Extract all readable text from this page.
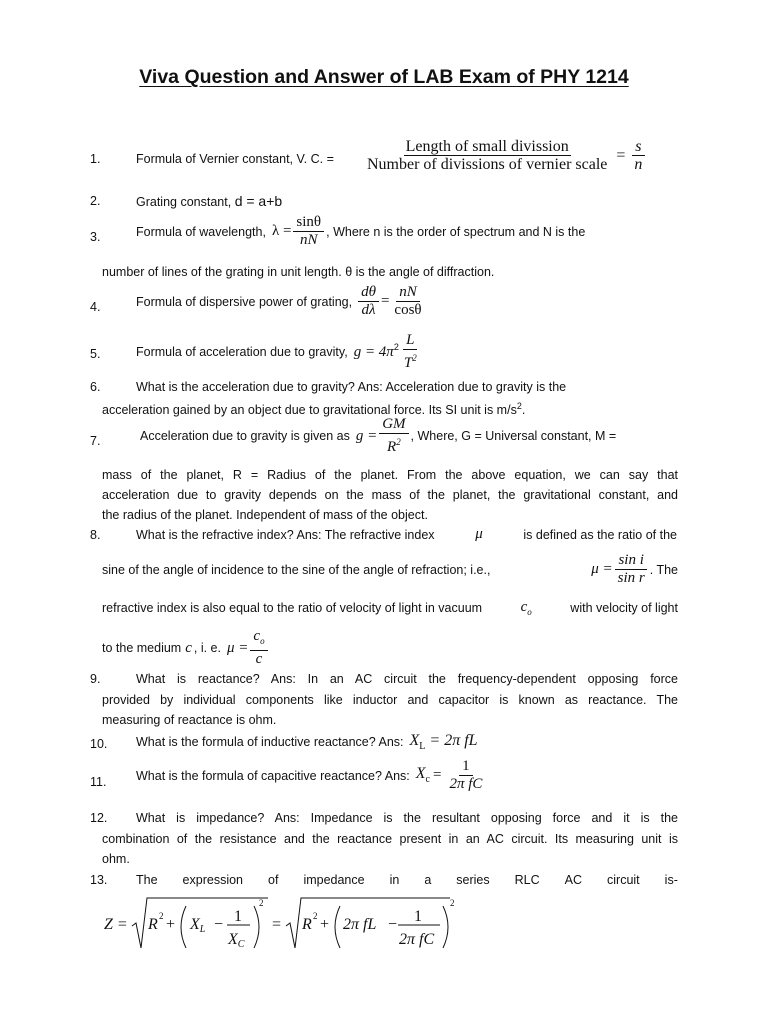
Viva Question and Answer of LAB Exam of PHY 1214
1.	Formula of Vernier constant, V. C. = $\frac{\text{Length of small divission}}{\text{Number of divissions of vernier scale}} = \frac{s}{n}$
2.	Grating constant, d = a+b
3.	Formula of wavelength, $\lambda = \frac{\sin\theta}{nN}$ , Where n is the order of spectrum and N is the
number of lines of the grating in unit length. θ is the angle of diffraction.
4.	Formula of dispersive power of grating, $\frac{d\theta}{d\lambda} = \frac{nN}{\cos\theta}$
5.	Formula of acceleration due to gravity, $g = 4\pi^2 \frac{L}{T^2}$
6.	What is the acceleration due to gravity? Ans: Acceleration due to gravity is the
acceleration gained by an object due to gravitational force. Its SI unit is $m/s^2$.
7.	Acceleration due to gravity is given as $g = \frac{GM}{R^2}$ , Where, G = Universal constant, M =
mass of the planet, R = Radius of the planet. From the above equation, we can say that
acceleration due to gravity depends on the mass of the planet, the gravitational constant, and
the radius of the planet. Independent of mass of the object.
8.	What is the refractive index? Ans: The refractive index	μ	is defined as the ratio of the
sine of the angle of incidence to the sine of the angle of refraction; i.e.,	$\mu = \frac{\text{sin i}}{\text{sin r}}$ . The
refractive index is also equal to the ratio of velocity of light in vacuum	$c_o$	with velocity of light
to the medium c , i. e. $\mu = \frac{c_o}{c}$
9.	What is reactance? Ans: In an AC circuit the frequency-dependent opposing force
provided by individual components like inductor and capacitor is known as reactance. The
measuring of reactance is ohm.
10. What is the formula of inductive reactance? Ans: $X_L = 2\pi$ fL
11. What is the formula of capacitive reactance? Ans: $X_c = \frac{1}{\text{2π fC}}$
12. What is impedance? Ans: Impedance is the resultant opposing force and it is the
combination of the resistance and the reactance present in an AC circuit. Its measuring unit is
ohm.
13. The expression of impedance in a series RLC AC circuit is-
Z = R 2 + XL − 1
XC
2
= R 2 + 2π fL − 1
2π fC
2
